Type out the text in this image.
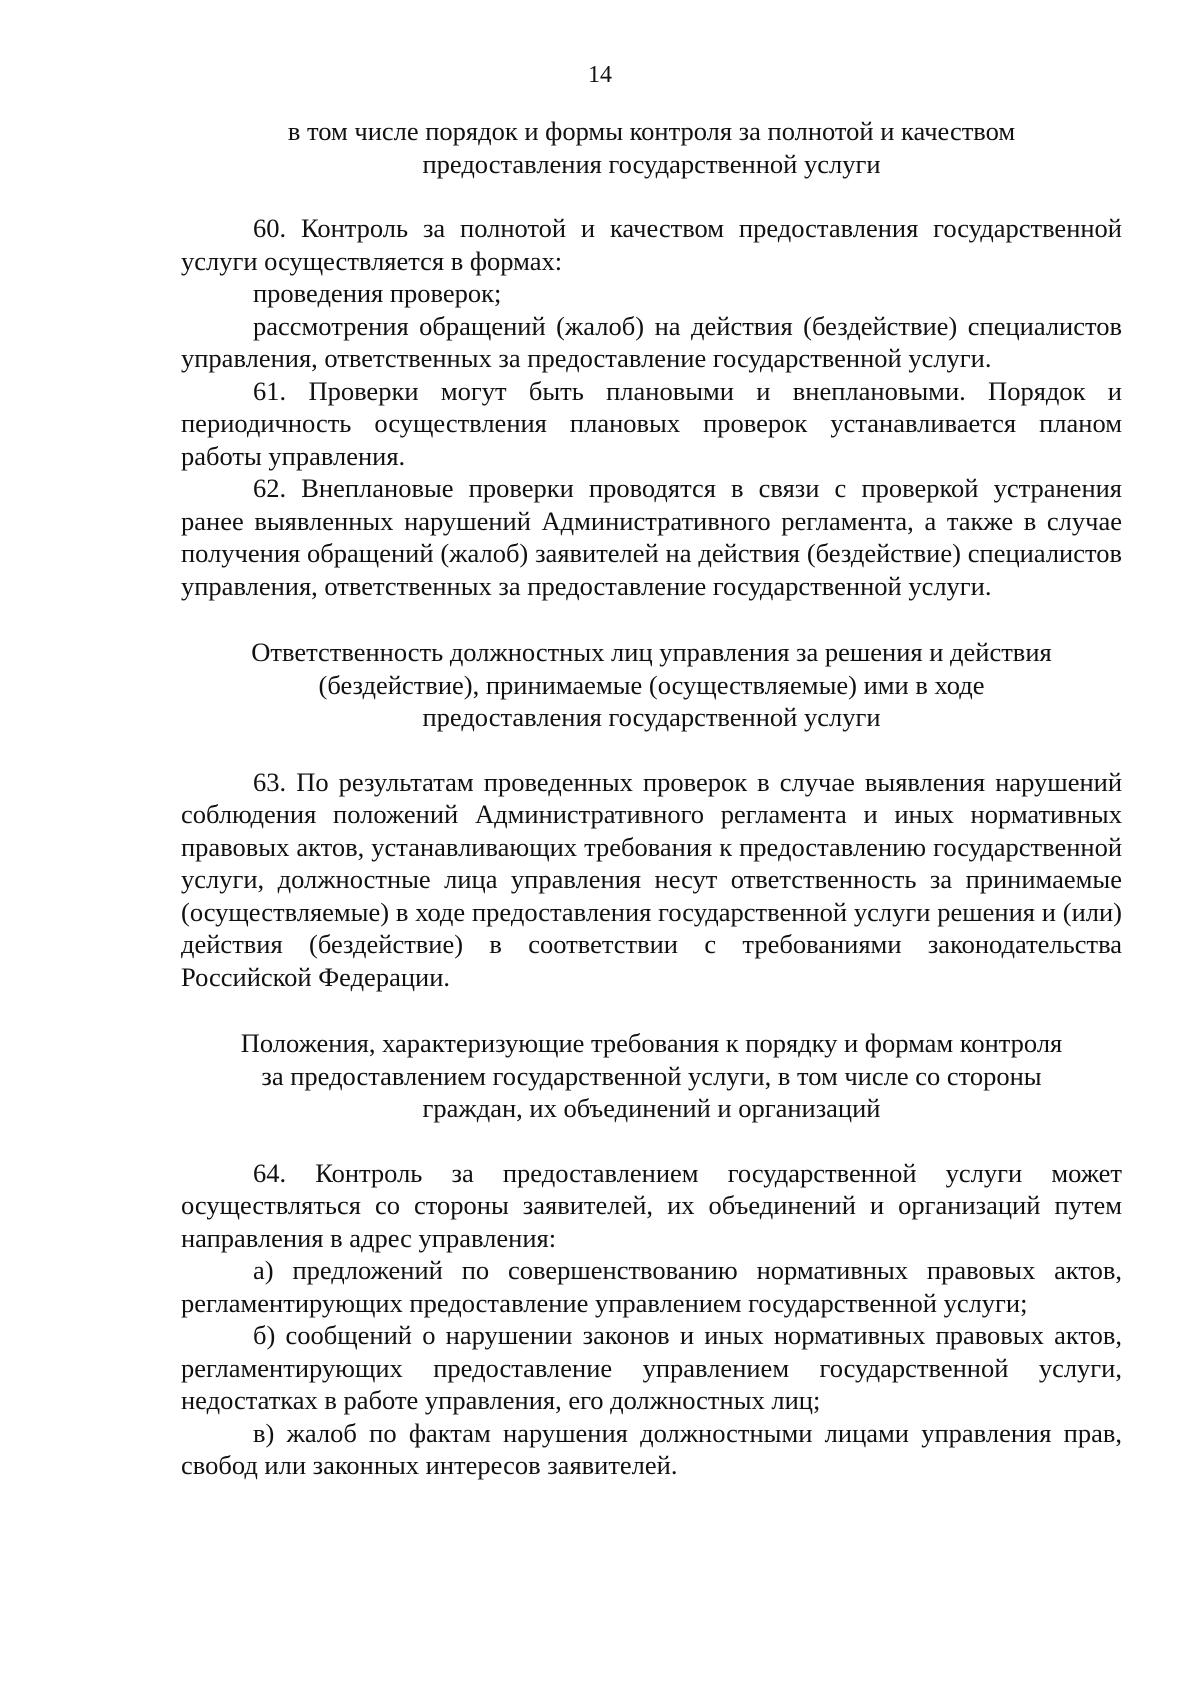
14
в том числе порядок и формы контроля за полнотой и качеством
предоставления государственной услуги

60. Контроль за полнотой и качеством предоставления государственной услуги осуществляется в формах:

проведения проверок;

рассмотрения обращений (жалоб) на действия (бездействие) специалистов управления, ответственных за предоставление государственной услуги.

61. Проверки могут быть плановыми и внеплановыми. Порядок и периодичность осуществления плановых проверок устанавливается планом работы управления.

62. Внеплановые проверки проводятся в связи с проверкой устранения ранее выявленных нарушений Административного регламента, а также в случае получения обращений (жалоб) заявителей на действия (бездействие) специалистов управления, ответственных за предоставление государственной услуги.

Ответственность должностных лиц управления за решения и действия
(бездействие), принимаемые (осуществляемые) ими в ходе
предоставления государственной услуги

63. По результатам проведенных проверок в случае выявления нарушений соблюдения положений Административного регламента и иных нормативных правовых актов, устанавливающих требования к предоставлению государственной услуги, должностные лица управления несут ответственность за принимаемые (осуществляемые) в ходе предоставления государственной услуги решения и (или) действия (бездействие) в соответствии с требованиями законодательства Российской Федерации.

Положения, характеризующие требования к порядку и формам контроля
за предоставлением государственной услуги, в том числе со стороны
граждан, их объединений и организаций

64. Контроль за предоставлением государственной услуги может осуществляться со стороны заявителей, их объединений и организаций путем направления в адрес управления:

а) предложений по совершенствованию нормативных правовых актов, регламентирующих предоставление управлением государственной услуги;

б) сообщений о нарушении законов и иных нормативных правовых актов, регламентирующих предоставление управлением государственной услуги, недостатках в работе управления, его должностных лиц;

в) жалоб по фактам нарушения должностными лицами управления прав, свобод или законных интересов заявителей.
